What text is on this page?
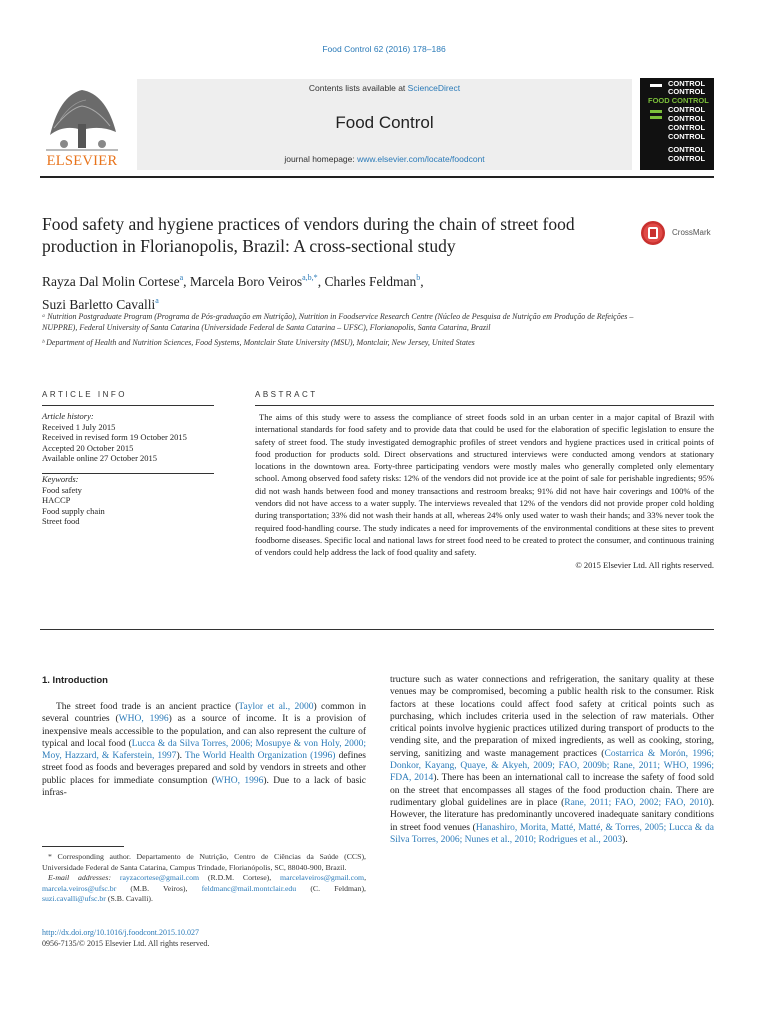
Food Control 62 (2016) 178–186
ELSEVIER
Contents lists available at ScienceDirect
Food Control
journal homepage: www.elsevier.com/locate/foodcont
CONTROL
CONTROL
FOOD CONTROL
CONTROL
CONTROL
CONTROL
CONTROL
CONTROL
CONTROL
Food safety and hygiene practices of vendors during the chain of street food production in Florianopolis, Brazil: A cross-sectional study
CrossMark
Rayza Dal Molin Cortese$^a$, Marcela Boro Veiros$^{a,b,*}$, Charles Feldman$^b$,
Suzi Barletto Cavalli$^a$
ᵃ Nutrition Postgraduate Program (Programa de Pós-graduação em Nutrição), Nutrition in Foodservice Research Centre (Núcleo de Pesquisa de Nutrição em Produção de Refeições – NUPPRE), Federal University of Santa Catarina (Universidade Federal de Santa Catarina – UFSC), Florianopolis, Santa Catarina, Brazil
ᵇ Department of Health and Nutrition Sciences, Food Systems, Montclair State University (MSU), Montclair, New Jersey, United States
ARTICLE INFO	ABSTRACT
Article history:
Received 1 July 2015
Received in revised form 19 October 2015
Accepted 20 October 2015
Available online 27 October 2015
Keywords:
Food safety
HACCP
Food supply chain
Street food

The aims of this study were to assess the compliance of street foods sold in an urban center in a major capital of Brazil with international standards for food safety and to provide data that could be used for the elaboration of specific legislation to ensure the safety of street food. The study investigated demographic profiles of street vendors and hygiene practices used in critical points of food production for products sold. Direct observations and structured interviews were conducted among vendors at stationary locations in the downtown area. Forty-three participating vendors were mostly males who generally completed only elementary school. Among observed food safety risks: 12% of the vendors did not provide ice at the point of sale for perishable ingredients; 95% did not wash hands between food and money transactions and restroom breaks; 91% did not have hair coverings and 100% of the vendors did not have access to a water supply. The interviews revealed that 12% of the vendors did not provide proper cold holding during transportation; 33% did not wash their hands at all, whereas 24% only used water to wash their hands; and 33% never took the required food-handling course. The study indicates a need for improvements of the environmental conditions at these sites to prevent foodborne diseases. Specific local and national laws for street food need to be created to protect the consumer, and continuous training of vendors could help address the lack of food quality and safety.

© 2015 Elsevier Ltd. All rights reserved.

1. Introduction

The street food trade is an ancient practice (Taylor et al., 2000) common in several countries (WHO, 1996) as a source of income. It is a provision of inexpensive meals accessible to the population, and can also represent the culture of typical and local food (Lucca & da Silva Torres, 2006; Mosupye & von Holy, 2000; Moy, Hazzard, & Kaferstein, 1997). The World Health Organization (1996) defines street food as foods and beverages prepared and sold by vendors in streets and other public places for immediate consumption (WHO, 1996). Due to a lack of basic infras-

tructure such as water connections and refrigeration, the sanitary quality at these venues may be compromised, becoming a public health risk to the consumer. Risk factors at these locations could affect food safety at critical points such as purchasing, which includes criteria used in the selection of raw materials. Other critical points involve hygienic practices utilized during transport of products to the vending site, and the preparation of mixed ingredients, as well as cooking, storing, serving, sanitizing and waste management practices (Costarrica & Morón, 1996; Donkor, Kayang, Quaye, & Akyeh, 2009; FAO, 2009b; Rane, 2011; WHO, 1996; FDA, 2014). There has been an international call to increase the safety of food sold on the street that encompasses all stages of the food production chain. There are rudimentary global guidelines are in place (Rane, 2011; FAO, 2002; FAO, 2010). However, the literature has predominantly uncovered inadequate sanitary conditions in street food venues (Hanashiro, Morita, Matté, Matté, & Torres, 2005; Lucca & da Silva Torres, 2006; Nunes et al., 2010; Rodrigues et al., 2003).

* Corresponding author. Departamento de Nutrição, Centro de Ciências da Saúde (CCS), Universidade Federal de Santa Catarina, Campus Trindade, Florianópolis, SC, 88040-900, Brazil.

E-mail addresses: rayzacortese@gmail.com (R.D.M. Cortese), marcelaveiros@gmail.com, marcela.veiros@ufsc.br (M.B. Veiros), feldmanc@mail.montclair.edu (C. Feldman), suzi.cavalli@ufsc.br (S.B. Cavalli).

http://dx.doi.org/10.1016/j.foodcont.2015.10.027
0956-7135/© 2015 Elsevier Ltd. All rights reserved.
